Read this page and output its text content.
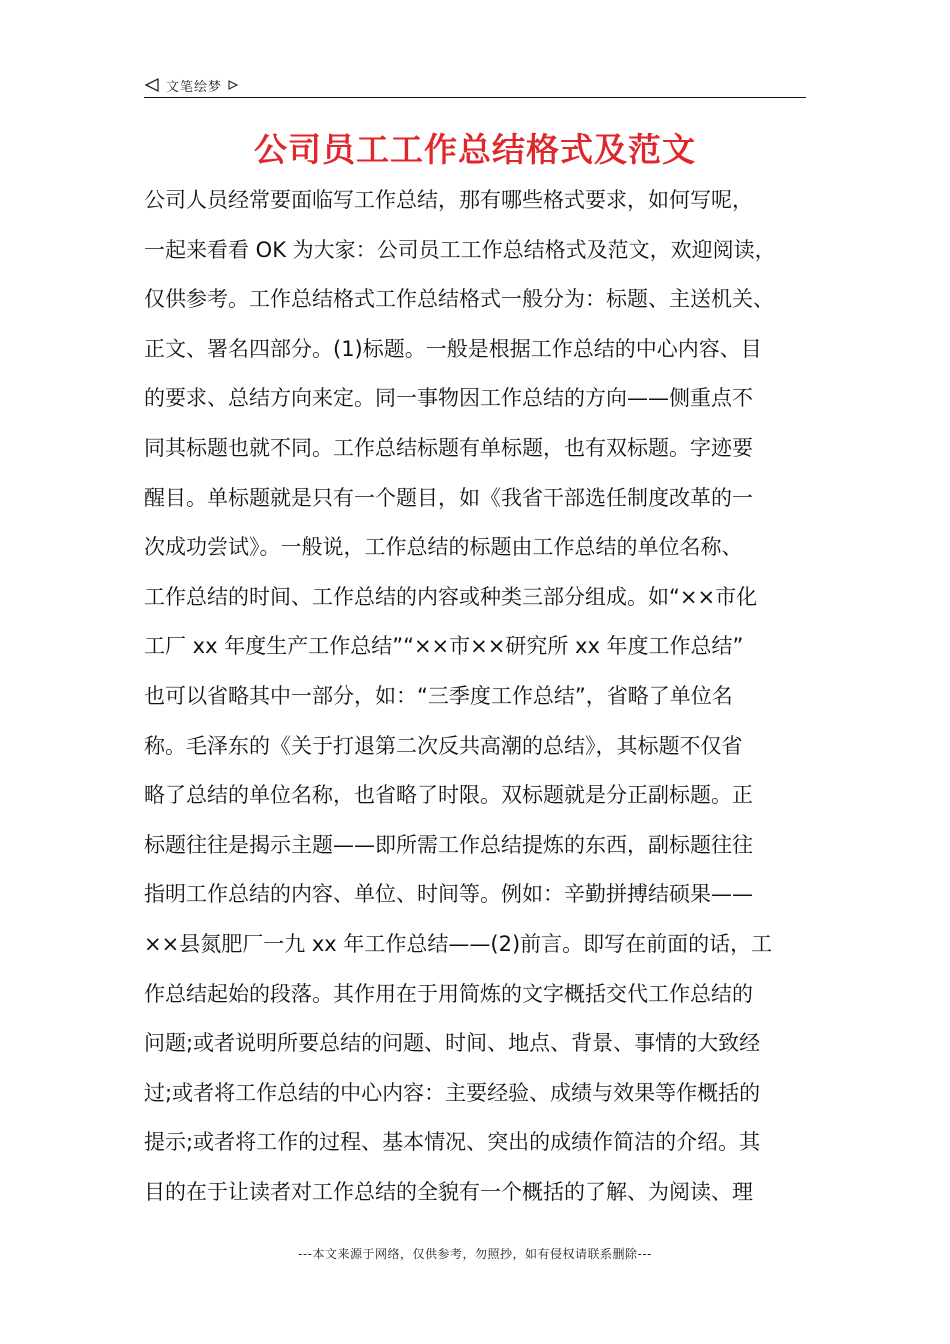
文笔绘梦
公司员工工作总结格式及范文
公司人员经常要面临写工作总结，那有哪些格式要求，如何写呢，
一起来看看 OK 为大家：公司员工工作总结格式及范文，欢迎阅读，
仅供参考。工作总结格式工作总结格式一般分为：标题、主送机关、
正文、署名四部分。(1)标题。一般是根据工作总结的中心内容、目
的要求、总结方向来定。同一事物因工作总结的方向——侧重点不
同其标题也就不同。工作总结标题有单标题，也有双标题。字迹要
醒目。单标题就是只有一个题目，如《我省干部选任制度改革的一
次成功尝试》。一般说，工作总结的标题由工作总结的单位名称、
工作总结的时间、工作总结的内容或种类三部分组成。如“××市化
工厂 xx 年度生产工作总结”“××市××研究所 xx 年度工作总结”
也可以省略其中一部分，如：“三季度工作总结”，省略了单位名
称。毛泽东的《关于打退第二次反共高潮的总结》，其标题不仅省
略了总结的单位名称，也省略了时限。双标题就是分正副标题。正
标题往往是揭示主题——即所需工作总结提炼的东西，副标题往往
指明工作总结的内容、单位、时间等。例如：辛勤拼搏结硕果——
××县氮肥厂一九 xx 年工作总结——(2)前言。即写在前面的话，工
作总结起始的段落。其作用在于用简炼的文字概括交代工作总结的
问题;或者说明所要总结的问题、时间、地点、背景、事情的大致经
过;或者将工作总结的中心内容：主要经验、成绩与效果等作概括的
提示;或者将工作的过程、基本情况、突出的成绩作简洁的介绍。其
目的在于让读者对工作总结的全貌有一个概括的了解、为阅读、理
---本文来源于网络，仅供参考，勿照抄，如有侵权请联系删除---
